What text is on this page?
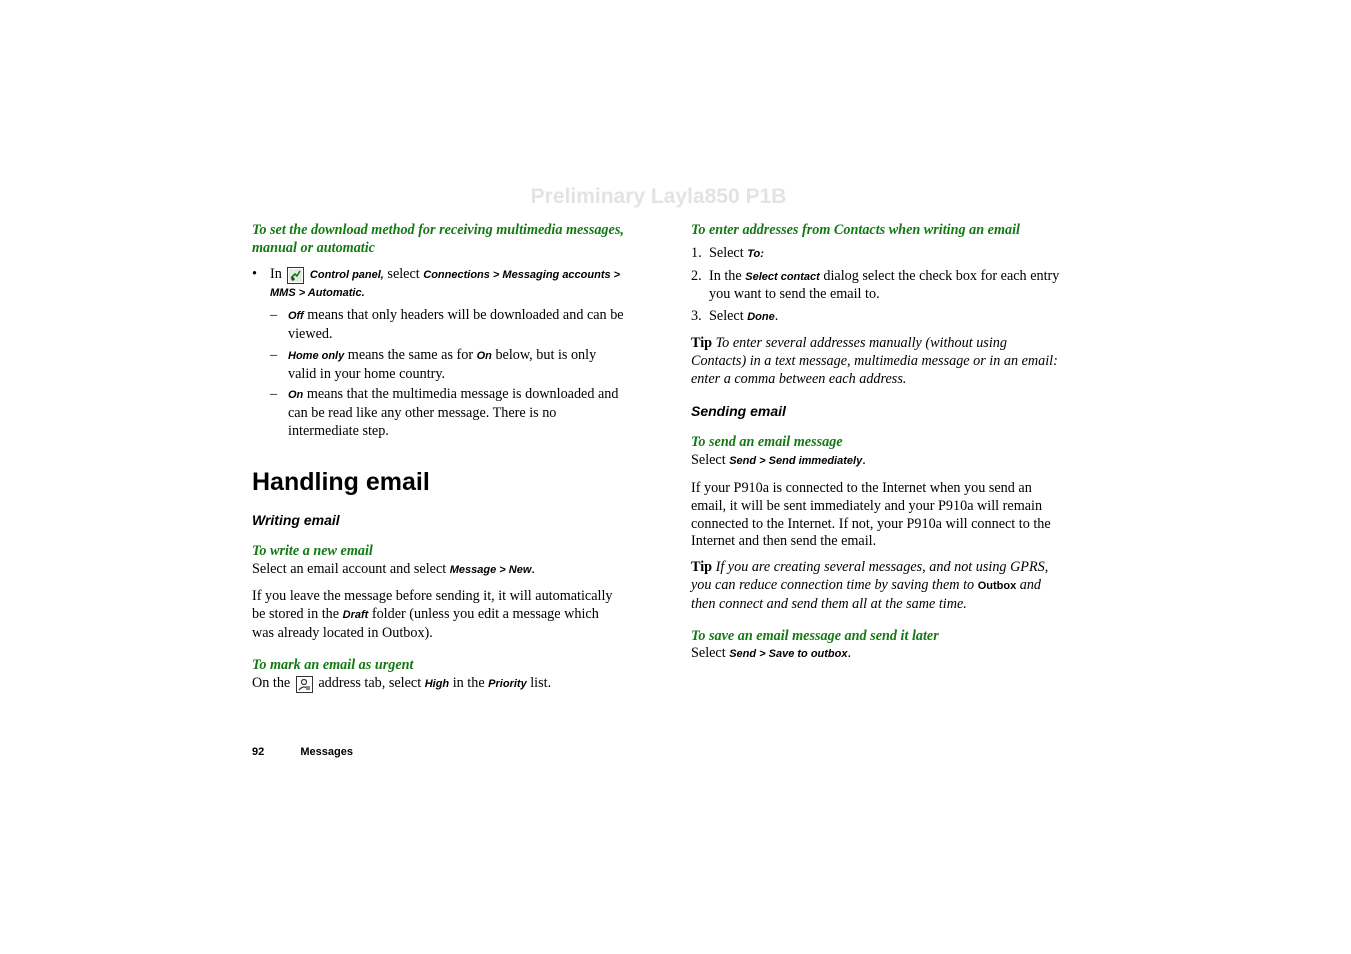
Preliminary Layla850 P1B

To set the download method for receiving multimedia messages, manual or automatic

• In	Control panel, select Connections > Messaging accounts > MMS > Automatic.
– Off means that only headers will be downloaded and can be viewed.
– Home only means the same as for On below, but is only valid in your home country.
– On means that the multimedia message is downloaded and can be read like any other message. There is no intermediate step.
Handling email
Writing email

To write a new email

Select an email account and select Message > New.

If you leave the message before sending it, it will automatically be stored in the Draft folder (unless you edit a message which was already located in Outbox).

To mark an email as urgent

On the address tab, select High in the Priority list.

To enter addresses from Contacts when writing an email

1. Select To:
2. In the Select contact dialog select the check box for each entry you want to send the email to.
3. Select Done.

Tip To enter several addresses manually (without using Contacts) in a text message, multimedia message or in an email: enter a comma between each address.

Sending email

To send an email message

Select Send > Send immediately.

If your P910a is connected to the Internet when you send an email, it will be sent immediately and your P910a will remain connected to the Internet. If not, your P910a will connect to the Internet and then send the email.

Tip If you are creating several messages, and not using GPRS, you can reduce connection time by saving them to Outbox and then connect and send them all at the same time.

To save an email message and send it later

Select Send > Save to outbox.

92	Messages
